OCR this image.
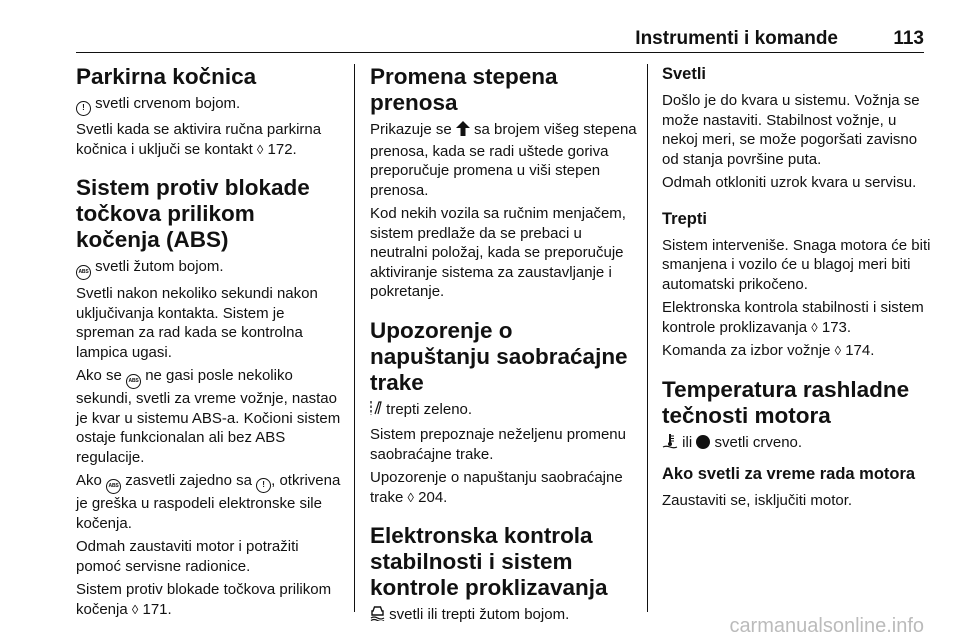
Instrumenti i komande	113
Parkirna kočnica

! svetli crvenom bojom.

Svetli kada se aktivira ručna parkirna kočnica i uključi se kontakt ◊ 172.

Sistem protiv blokade točkova prilikom kočenja (ABS)

ABS svetli žutom bojom.

Svetli nakon nekoliko sekundi nakon uključivanja kontakta. Sistem je spreman za rad kada se kontrolna lampica ugasi.

Ako se ABS ne gasi posle nekoliko sekundi, svetli za vreme vožnje, nastao je kvar u sistemu ABS-a. Kočioni sistem ostaje funkcionalan ali bez ABS regulacije.

Ako ABS zasvetli zajedno sa ! , otkrivena je greška u raspodeli elektronske sile kočenja.

Odmah zaustaviti motor i potražiti pomoć servisne radionice.

Sistem protiv blokade točkova prilikom kočenja ◊ 171.

Promena stepena prenosa

Prikazuje se sa brojem višeg stepena prenosa, kada se radi uštede goriva preporučuje promena u viši stepen prenosa.

Kod nekih vozila sa ručnim menjačem, sistem predlaže da se prebaci u neutralni položaj, kada se preporučuje aktiviranje sistema za zaustavljanje i pokretanje.

Upozorenje o napuštanju saobraćajne trake

trepti zeleno.

Sistem prepoznaje neželjenu promenu saobraćajne trake.

Upozorenje o napuštanju saobraćajne trake ◊ 204.

Elektronska kontrola stabilnosti i sistem kontrole proklizavanja

svetli ili trepti žutom bojom.

Svetli

Došlo je do kvara u sistemu. Vožnja se može nastaviti. Stabilnost vožnje, u nekoj meri, se može pogoršati zavisno od stanja površine puta.

Odmah otkloniti uzrok kvara u servisu.

Trepti

Sistem interveniše. Snaga motora će biti smanjena i vozilo će u blagoj meri biti automatski prikočeno.

Elektronska kontrola stabilnosti i sistem kontrole proklizavanja ◊ 173.

Komanda za izbor vožnje ◊ 174.

Temperatura rashladne tečnosti motora

ili svetli crveno.

Ako svetli za vreme rada motora

Zaustaviti se, isključiti motor.

carmanualsonline.info
